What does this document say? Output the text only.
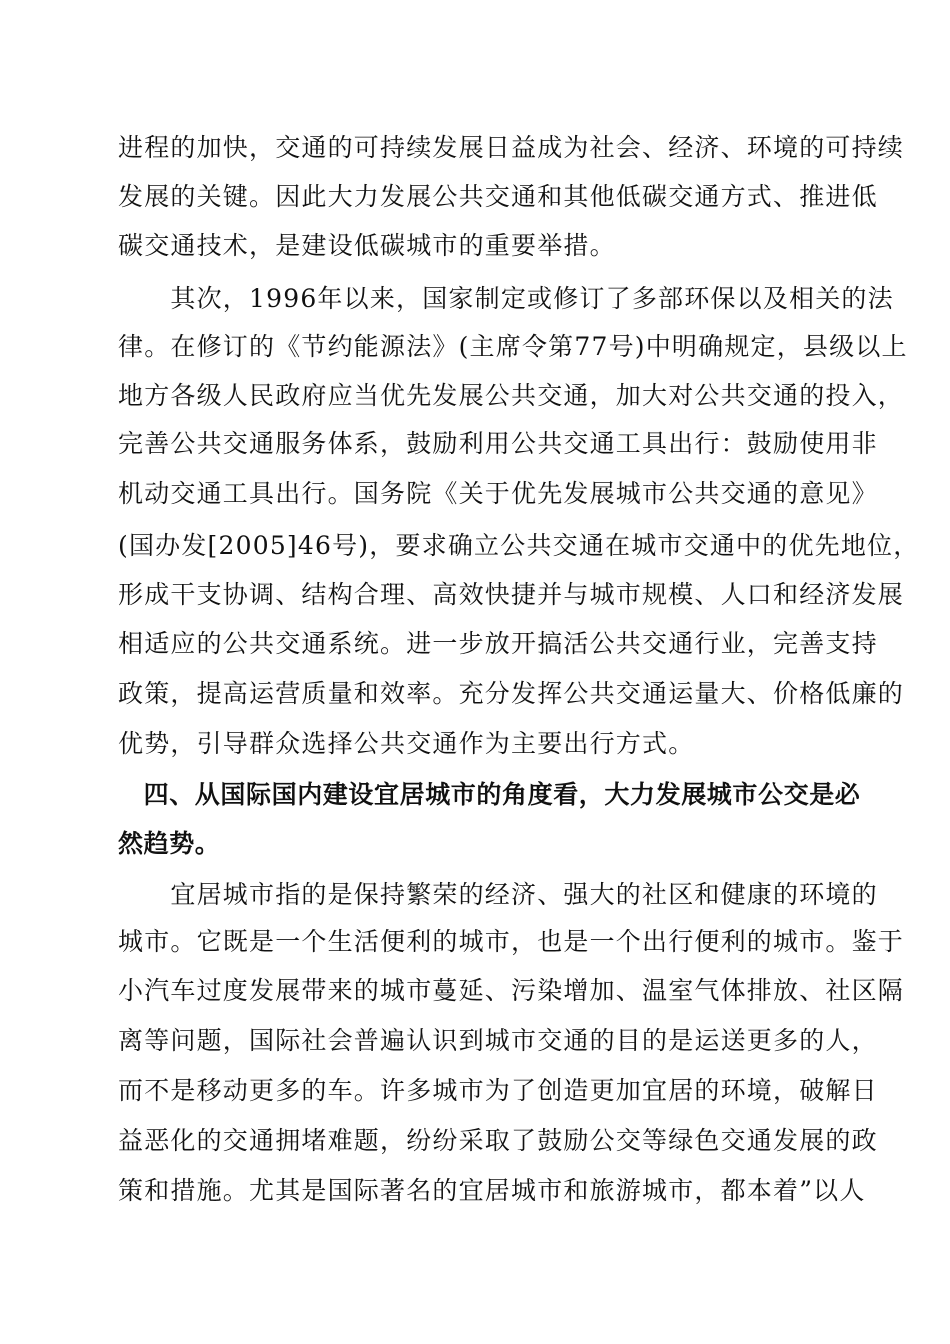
进程的加快，交通的可持续发展日益成为社会、经济、环境的可持续
发展的关键。因此大力发展公共交通和其他低碳交通方式、推进低
碳交通技术，是建设低碳城市的重要举措。
　　其次，1996年以来，国家制定或修订了多部环保以及相关的法
律。在修订的《节约能源法》(主席令第77号)中明确规定，县级以上
地方各级人民政府应当优先发展公共交通，加大对公共交通的投入，
完善公共交通服务体系，鼓励利用公共交通工具出行：鼓励使用非
机动交通工具出行。国务院《关于优先发展城市公共交通的意见》
(国办发[2005]46号)，要求确立公共交通在城市交通中的优先地位，
形成干支协调、结构合理、高效快捷并与城市规模、人口和经济发展
相适应的公共交通系统。进一步放开搞活公共交通行业，完善支持
政策，提高运营质量和效率。充分发挥公共交通运量大、价格低廉的
优势，引导群众选择公共交通作为主要出行方式。
　四、从国际国内建设宜居城市的角度看，大力发展城市公交是必
然趋势。
　　宜居城市指的是保持繁荣的经济、强大的社区和健康的环境的
城市。它既是一个生活便利的城市，也是一个出行便利的城市。鉴于
小汽车过度发展带来的城市蔓延、污染增加、温室气体排放、社区隔
离等问题，国际社会普遍认识到城市交通的目的是运送更多的人，
而不是移动更多的车。许多城市为了创造更加宜居的环境，破解日
益恶化的交通拥堵难题，纷纷采取了鼓励公交等绿色交通发展的政
策和措施。尤其是国际著名的宜居城市和旅游城市，都本着”以人
